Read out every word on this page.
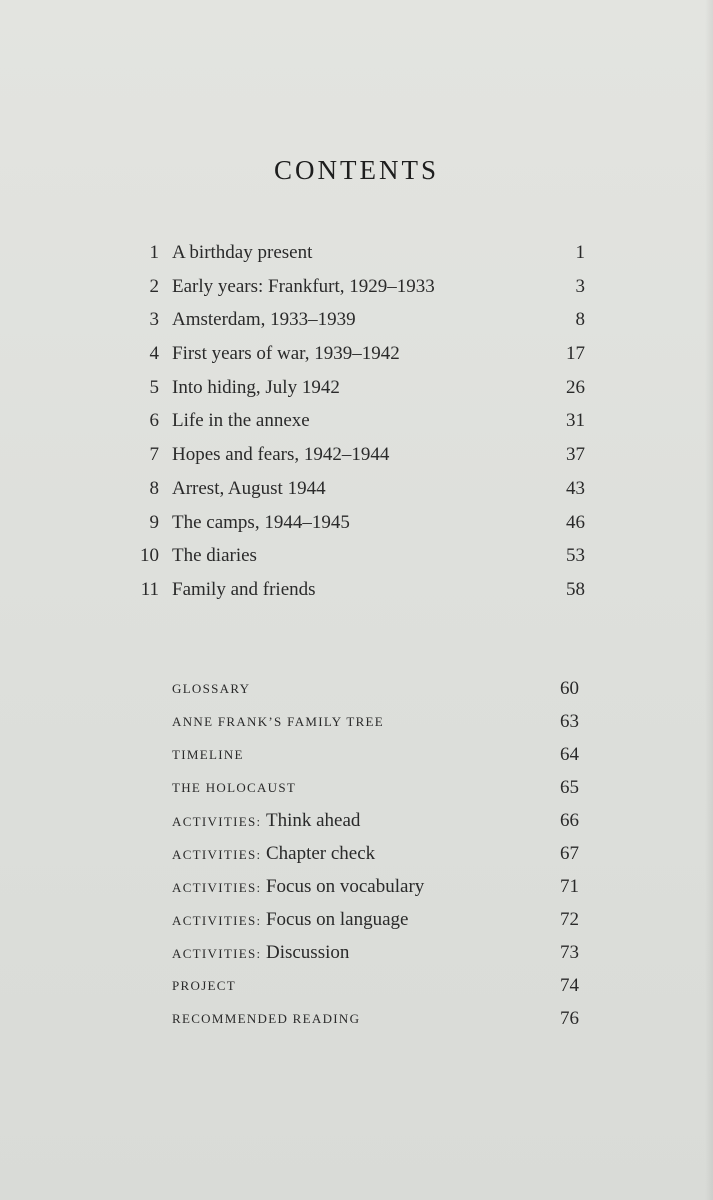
CONTENTS
1 A birthday present	1
2 Early years: Frankfurt, 1929–1933	3
3 Amsterdam, 1933–1939	8
4 First years of war, 1939–1942	17
5 Into hiding, July 1942	26
6 Life in the annexe	31
7 Hopes and fears, 1942–1944	37
8 Arrest, August 1944	43
9 The camps, 1944–1945	46
10 The diaries	53
11 Family and friends	58
GLOSSARY	60
ANNE FRANK’S FAMILY TREE	63
TIMELINE	64
THE HOLOCAUST	65
ACTIVITIES: Think ahead	66
ACTIVITIES: Chapter check	67
ACTIVITIES: Focus on vocabulary	71
ACTIVITIES: Focus on language	72
ACTIVITIES: Discussion	73
PROJECT	74
RECOMMENDED READING	76
